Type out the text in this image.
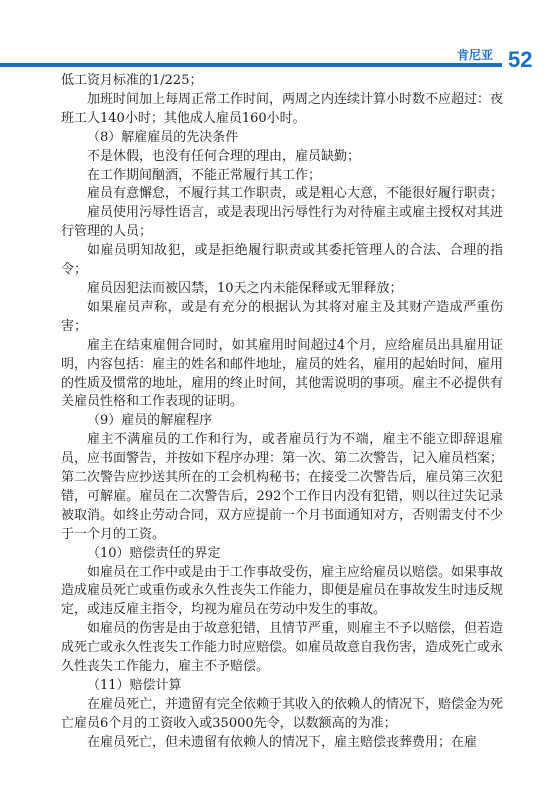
肯尼亚 52

低工资月标准的1/225；

加班时间加上每周正常工作时间，两周之内连续计算小时数不应超过：夜班工人140小时；其他成人雇员160小时。

（8）解雇雇员的先决条件

不是休假，也没有任何合理的理由，雇员缺勤；

在工作期间酗酒，不能正常履行其工作；

雇员有意懈怠，不履行其工作职责，或是粗心大意，不能很好履行职责；

雇员使用污辱性语言，或是表现出污辱性行为对待雇主或雇主授权对其进行管理的人员；

如雇员明知故犯，或是拒绝履行职责或其委托管理人的合法、合理的指令；

雇员因犯法而被囚禁，10天之内未能保释或无罪释放；

如果雇员声称，或是有充分的根据认为其将对雇主及其财产造成严重伤害；

雇主在结束雇佣合同时，如其雇用时间超过4个月，应给雇员出具雇用证明，内容包括：雇主的姓名和邮件地址，雇员的姓名，雇用的起始时间，雇用的性质及惯常的地址，雇用的终止时间，其他需说明的事项。雇主不必提供有关雇员性格和工作表现的证明。

（9）雇员的解雇程序

雇主不满雇员的工作和行为，或者雇员行为不端，雇主不能立即辞退雇员，应书面警告，并按如下程序办理：第一次、第二次警告，记入雇员档案；第二次警告应抄送其所在的工会机构秘书；在接受二次警告后，雇员第三次犯错，可解雇。雇员在二次警告后，292个工作日内没有犯错，则以往过失记录被取消。如终止劳动合同，双方应提前一个月书面通知对方，否则需支付不少于一个月的工资。

（10）赔偿责任的界定

如雇员在工作中或是由于工作事故受伤，雇主应给雇员以赔偿。如果事故造成雇员死亡或重伤或永久性丧失工作能力，即便是雇员在事故发生时违反规定，或违反雇主指令，均视为雇员在劳动中发生的事故。

如雇员的伤害是由于故意犯错，且情节严重，则雇主不予以赔偿，但若造成死亡或永久性丧失工作能力时应赔偿。如雇员故意自我伤害，造成死亡或永久性丧失工作能力，雇主不予赔偿。

（11）赔偿计算

在雇员死亡，并遗留有完全依赖于其收入的依赖人的情况下，赔偿金为死亡雇员6个月的工资收入或35000先令，以数额高的为准；

在雇员死亡，但未遗留有依赖人的情况下，雇主赔偿丧葬费用；在雇
